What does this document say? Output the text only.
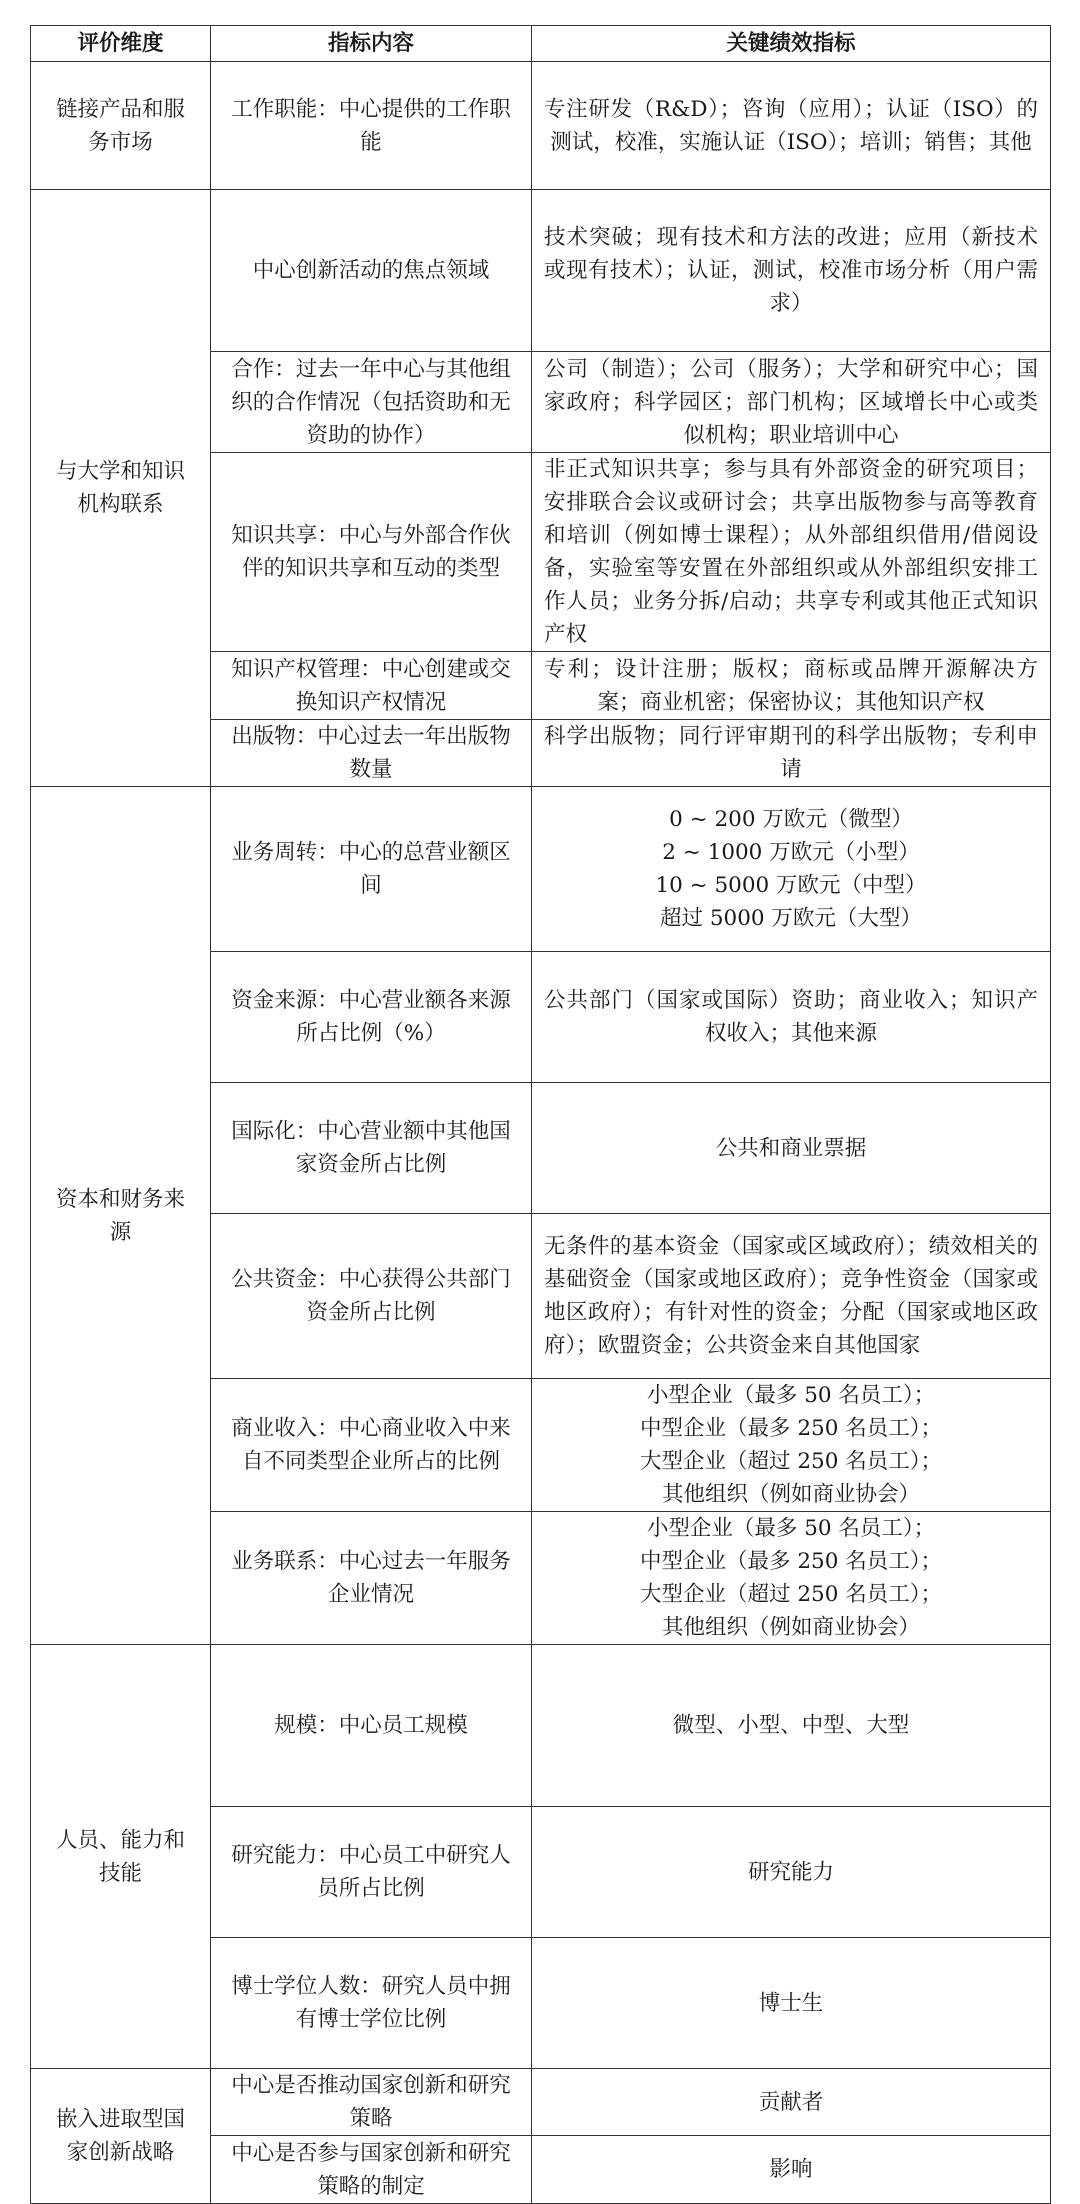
评价维度	指标内容	关键绩效指标
链接产品和服务市场	工作职能：中心提供的工作职能	专注研发（R&D）；咨询（应用）；认证（ISO）的测试，校准，实施认证（ISO）；培训；销售；其他
与大学和知识机构联系	中心创新活动的焦点领域	技术突破；现有技术和方法的改进；应用（新技术或现有技术）；认证，测试，校准市场分析（用户需求）
	合作：过去一年中心与其他组织的合作情况（包括资助和无资助的协作）	公司（制造）；公司（服务）；大学和研究中心；国家政府；科学园区；部门机构；区域增长中心或类似机构；职业培训中心
	知识共享：中心与外部合作伙伴的知识共享和互动的类型	非正式知识共享；参与具有外部资金的研究项目；安排联合会议或研讨会；共享出版物参与高等教育和培训（例如博士课程）；从外部组织借用/借阅设备，实验室等安置在外部组织或从外部组织安排工作人员；业务分拆/启动；共享专利或其他正式知识产权
	知识产权管理：中心创建或交换知识产权情况	专利；设计注册；版权；商标或品牌开源解决方案；商业机密；保密协议；其他知识产权
	出版物：中心过去一年出版物数量	科学出版物；同行评审期刊的科学出版物；专利申请
资本和财务来源	业务周转：中心的总营业额区间	0 ~ 200 万欧元（微型）
2 ~ 1000 万欧元（小型）
10 ~ 5000 万欧元（中型）
超过 5000 万欧元（大型）

	资金来源：中心营业额各来源所占比例（%）	公共部门（国家或国际）资助；商业收入；知识产权收入；其他来源
	国际化：中心营业额中其他国家资金所占比例	公共和商业票据
	公共资金：中心获得公共部门资金所占比例	无条件的基本资金（国家或区域政府）；绩效相关的基础资金（国家或地区政府）；竞争性资金（国家或地区政府）；有针对性的资金；分配（国家或地区政府）；欧盟资金；公共资金来自其他国家
	商业收入：中心商业收入中来自不同类型企业所占的比例	小型企业（最多 50 名员工）；
中型企业（最多 250 名员工）；
大型企业（超过 250 名员工）；
其他组织（例如商业协会）

	业务联系：中心过去一年服务企业情况	小型企业（最多 50 名员工）；
中型企业（最多 250 名员工）；
大型企业（超过 250 名员工）；
其他组织（例如商业协会）

人员、能力和技能	规模：中心员工规模	微型、小型、中型、大型
	研究能力：中心员工中研究人员所占比例	研究能力
	博士学位人数：研究人员中拥有博士学位比例	博士生
嵌入进取型国家创新战略	中心是否推动国家创新和研究策略	贡献者
	中心是否参与国家创新和研究策略的制定	影响
